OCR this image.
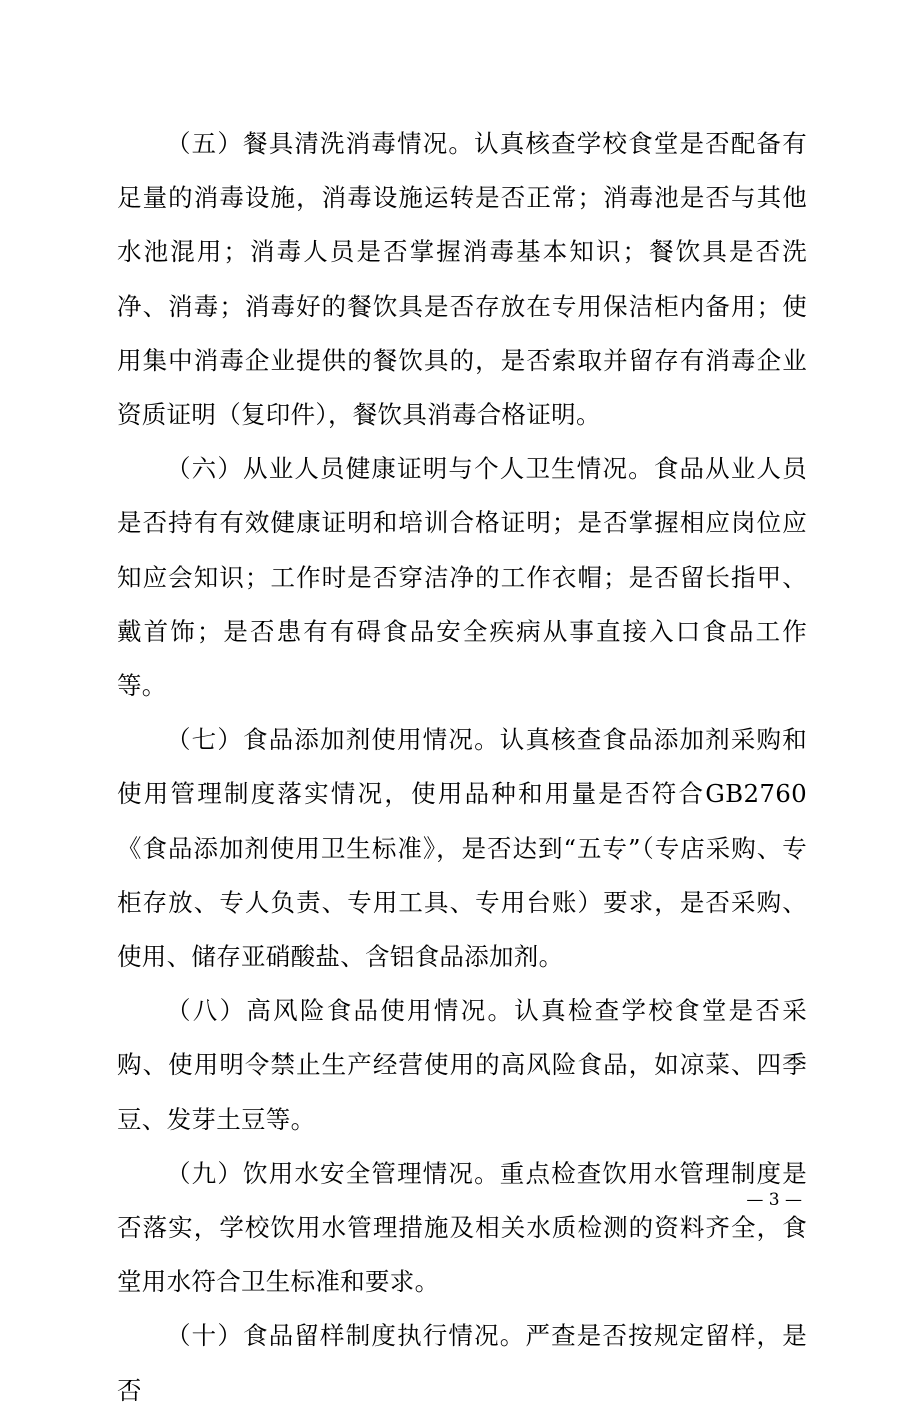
（五）餐具清洗消毒情况。认真核查学校食堂是否配备有足量的消毒设施，消毒设施运转是否正常；消毒池是否与其他水池混用；消毒人员是否掌握消毒基本知识；餐饮具是否洗净、消毒；消毒好的餐饮具是否存放在专用保洁柜内备用；使用集中消毒企业提供的餐饮具的，是否索取并留存有消毒企业资质证明（复印件），餐饮具消毒合格证明。

（六）从业人员健康证明与个人卫生情况。食品从业人员是否持有有效健康证明和培训合格证明；是否掌握相应岗位应知应会知识；工作时是否穿洁净的工作衣帽；是否留长指甲、戴首饰；是否患有有碍食品安全疾病从事直接入口食品工作等。

（七）食品添加剂使用情况。认真核查食品添加剂采购和使用管理制度落实情况，使用品种和用量是否符合GB2760《食品添加剂使用卫生标准》，是否达到“五专”（专店采购、专柜存放、专人负责、专用工具、专用台账）要求，是否采购、使用、储存亚硝酸盐、含铝食品添加剂。

（八）高风险食品使用情况。认真检查学校食堂是否采购、使用明令禁止生产经营使用的高风险食品，如凉菜、四季豆、发芽土豆等。

（九）饮用水安全管理情况。重点检查饮用水管理制度是否落实，学校饮用水管理措施及相关水质检测的资料齐全，食堂用水符合卫生标准和要求。

（十）食品留样制度执行情况。严查是否按规定留样，是否

— 3 —
